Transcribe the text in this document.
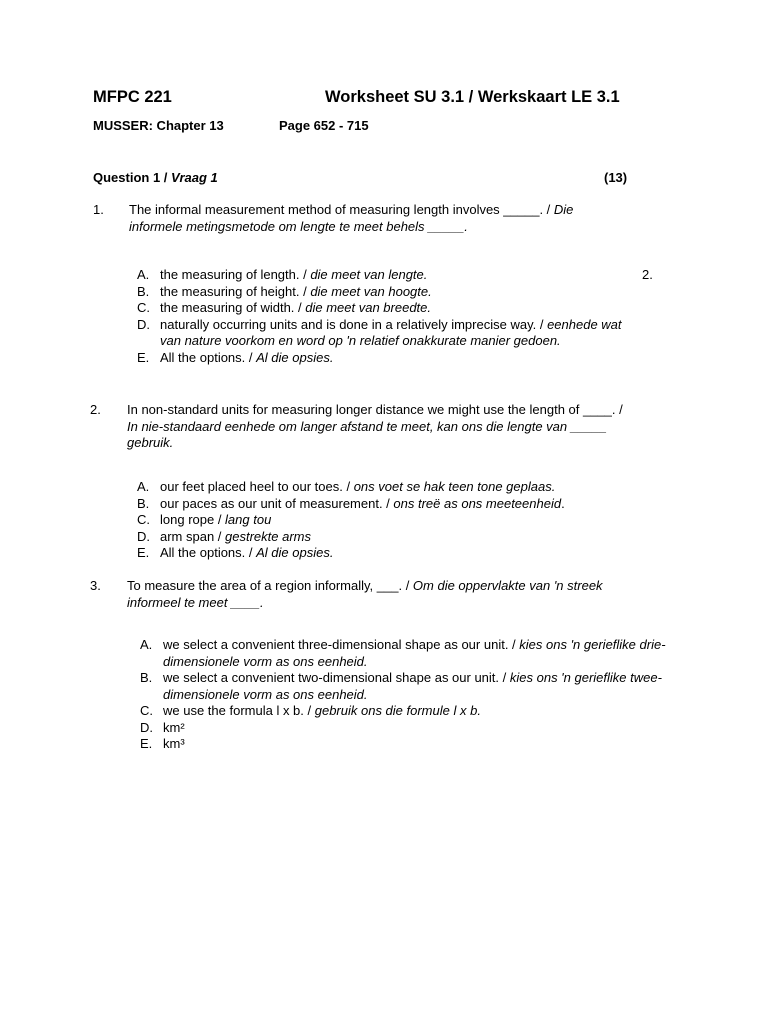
MFPC 221	Worksheet SU 3.1 / Werkskaart LE 3.1
MUSSER: Chapter 13	Page 652 - 715
Question 1 / Vraag 1	(13)
1. The informal measurement method of measuring length involves _____. / Die informele metingsmetode om lengte te meet behels _____.
2.
A. the measuring of length. / die meet van lengte.
B. the measuring of height. / die meet van hoogte.
C. the measuring of width. / die meet van breedte.
D. naturally occurring units and is done in a relatively imprecise way. / eenhede wat van nature voorkom en word op 'n relatief onakkurate manier gedoen.
E. All the options. / Al die opsies.
2. In non-standard units for measuring longer distance we might use the length of ____. / In nie-standaard eenhede om langer afstand te meet, kan ons die lengte van _____ gebruik.
A. our feet placed heel to our toes. / ons voet se hak teen tone geplaas.
B. our paces as our unit of measurement. / ons treë as ons meeteenheid.
C. long rope / lang tou
D. arm span / gestrekte arms
E. All the options. / Al die opsies.
3. To measure the area of a region informally, ___. / Om die oppervlakte van 'n streek informeel te meet ____.
A. we select a convenient three-dimensional shape as our unit. / kies ons 'n gerieflike drie-dimensionele vorm as ons eenheid.
B. we select a convenient two-dimensional shape as our unit. / kies ons 'n gerieflike twee-dimensionele vorm as ons eenheid.
C. we use the formula l x b. / gebruik ons die formule l x b.
D. km²
E. km³
